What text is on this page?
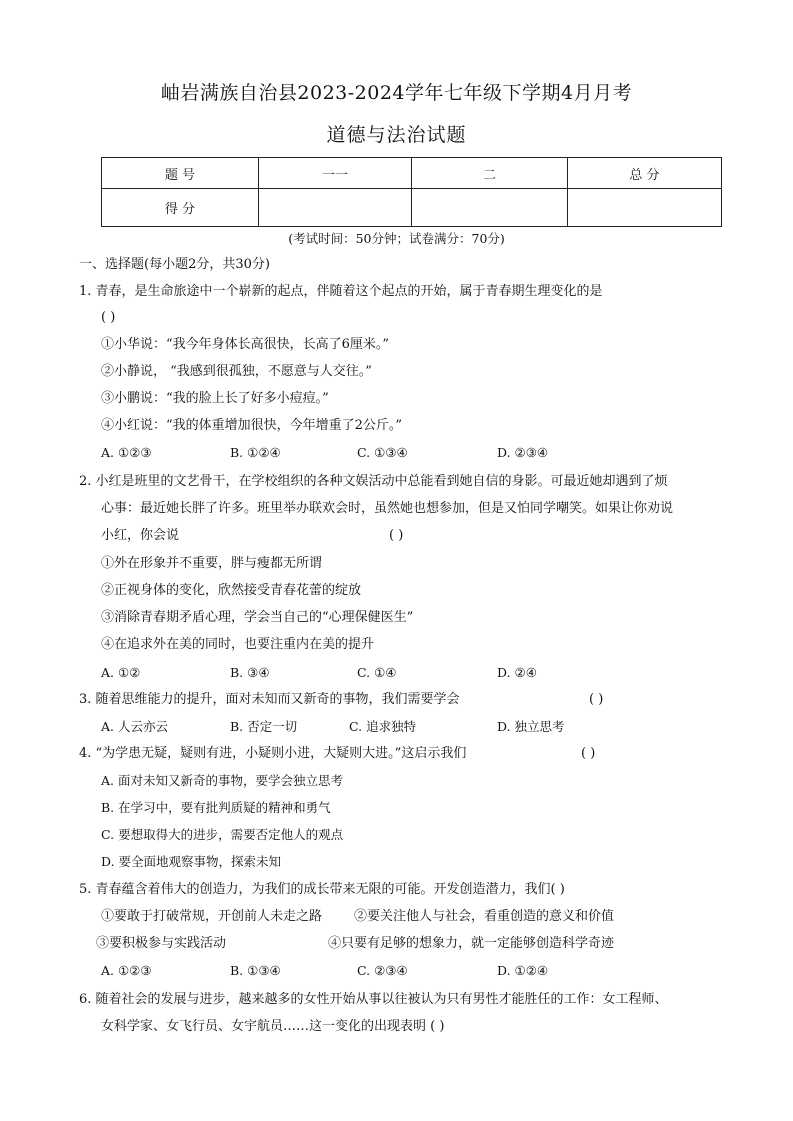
岫岩满族自治县2023-2024学年七年级下学期4月月考
道德与法治试题
题 号	一一	二	总 分
得 分			
(考试时间：50分钟；试卷满分：70分)
一、选择题(每小题2分，共30分)
1. 青春，是生命旅途中一个崭新的起点，伴随着这个起点的开始，属于青春期生理变化的是
( )
①小华说：“我今年身体长高很快，长高了6厘米。”
②小静说， “我感到很孤独，不愿意与人交往。”
③小鹏说：“我的脸上长了好多小痘痘。”
④小红说：“我的体重增加很快，今年增重了2公斤。”
A. ①②③	B. ①②④	C. ①③④	D. ②③④
2. 小红是班里的文艺骨干，在学校组织的各种文娱活动中总能看到她自信的身影。可最近她却遇到了烦
心事：最近她长胖了许多。班里举办联欢会时，虽然她也想参加，但是又怕同学嘲笑。如果让你劝说
小红，你会说	( )
①外在形象并不重要，胖与瘦都无所谓
②正视身体的变化，欣然接受青春花蕾的绽放
③消除青春期矛盾心理，学会当自己的“心理保健医生”
④在追求外在美的同时，也要注重内在美的提升
A. ①②	B. ③④	C. ①④	D. ②④
3. 随着思维能力的提升，面对未知而又新奇的事物，我们需要学会	( )
A. 人云亦云	B. 否定一切	C. 追求独特	D. 独立思考
4. “为学患无疑，疑则有进，小疑则小进，大疑则大进。”这启示我们	( )
A. 面对未知又新奇的事物，要学会独立思考
B. 在学习中，要有批判质疑的精神和勇气
C. 要想取得大的进步，需要否定他人的观点
D. 要全面地观察事物，探索未知
5. 青春蕴含着伟大的创造力，为我们的成长带来无限的可能。开发创造潜力，我们( )
①要敢于打破常规，开创前人未走之路 ②要关注他人与社会，看重创造的意义和价值
③要积极参与实践活动	④只要有足够的想象力，就一定能够创造科学奇迹
A. ①②③	B. ①③④	C. ②③④	D. ①②④
6. 随着社会的发展与进步，越来越多的女性开始从事以往被认为只有男性才能胜任的工作：女工程师、
女科学家、女飞行员、女宇航员……这一变化的出现表明 ( )
